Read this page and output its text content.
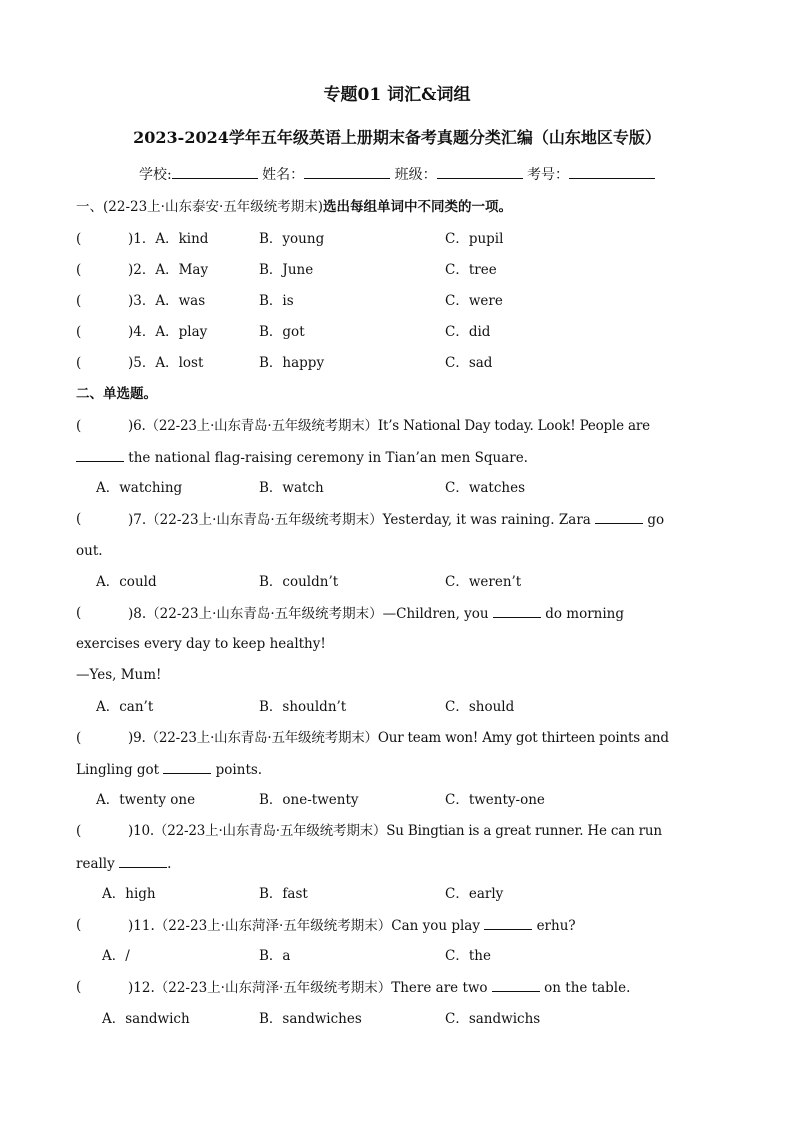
专题01 词汇&词组
2023-2024学年五年级英语上册期末备考真题分类汇编（山东地区专版）
学校:	姓名：	班级：	考号：
一、(22-23上·山东泰安·五年级统考期末)选出每组单词中不同类的一项。
(	)1．A．kind	B．young	C．pupil
(	)2．A．May	B．June	C．tree
(	)3．A．was	B．is	C．were
(	)4．A．play	B．got	C．did
(	)5．A．lost	B．happy	C．sad
二、单选题。
(	)6.（22-23上·山东青岛·五年级统考期末）It’s National Day today. Look! People are
the national flag-raising ceremony in Tian’an men Square.
A．watching	B．watch	C．watches
(	)7.（22-23上·山东青岛·五年级统考期末）Yesterday, it was raining. Zara	go
out.
A．could	B．couldn’t	C．weren’t
(	)8.（22-23上·山东青岛·五年级统考期末）—Children, you	do morning
exercises every day to keep healthy!
—Yes, Mum!
A．can’t	B．shouldn’t	C．should
(	)9.（22-23上·山东青岛·五年级统考期末）Our team won! Amy got thirteen points and
Lingling got	points.
A．twenty one	B．one-twenty	C．twenty-one
(	)10.（22-23上·山东青岛·五年级统考期末）Su Bingtian is a great runner. He can run
really	.
A．high	B．fast	C．early
(	)11.（22-23上·山东菏泽·五年级统考期末）Can you play	erhu?
A．/	B．a	C．the
(	)12.（22-23上·山东菏泽·五年级统考期末）There are two	on the table.
A．sandwich	B．sandwiches	C．sandwichs
